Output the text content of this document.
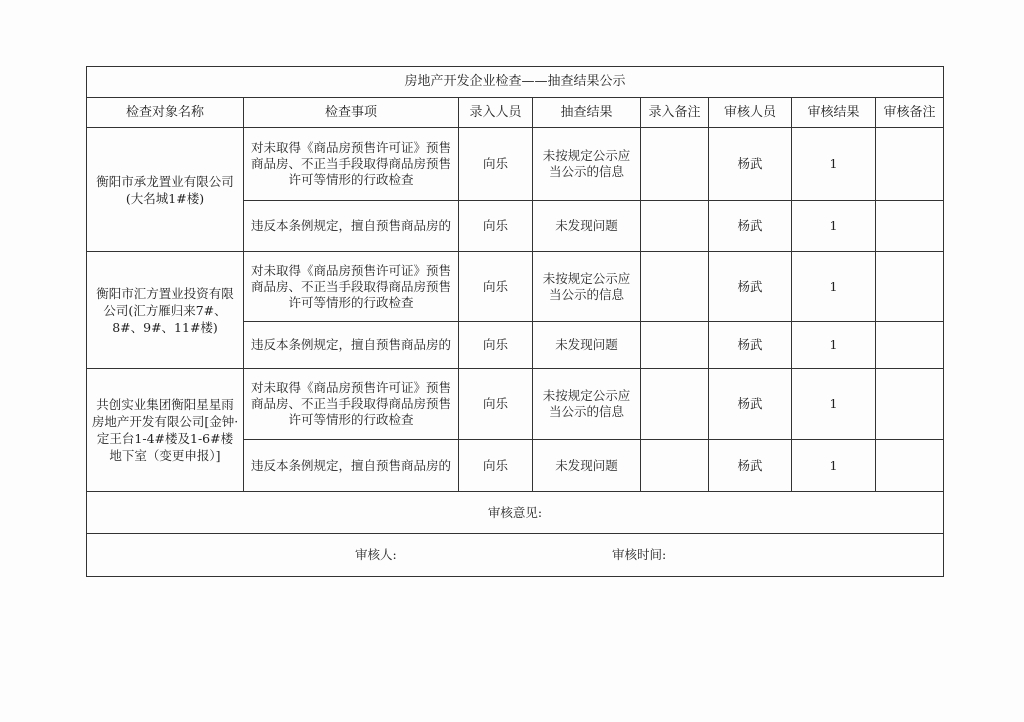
房地产开发企业检查——抽查结果公示							
检查对象名称	检查事项	录入人员	抽查结果	录入备注	审核人员	审核结果	审核备注
衡阳市承龙置业有限公司(大名城1#楼)	对未取得《商品房预售许可证》预售商品房、不正当手段取得商品房预售许可等情形的行政检查	向乐	未按规定公示应当公示的信息		杨武	1	
	违反本条例规定，擅自预售商品房的	向乐	未发现问题		杨武	1	
衡阳市汇方置业投资有限公司(汇方雁归来7#、8#、9#、11#楼)	对未取得《商品房预售许可证》预售商品房、不正当手段取得商品房预售许可等情形的行政检查	向乐	未按规定公示应当公示的信息		杨武	1	
	违反本条例规定，擅自预售商品房的	向乐	未发现问题		杨武	1	
共创实业集团衡阳星星雨房地产开发有限公司[金钟·定王台1-4#楼及1-6#楼地下室（变更申报）]	对未取得《商品房预售许可证》预售商品房、不正当手段取得商品房预售许可等情形的行政检查	向乐	未按规定公示应当公示的信息		杨武	1	
	违反本条例规定，擅自预售商品房的	向乐	未发现问题		杨武	1	
审核意见:							

审核人: 审核时间:							
